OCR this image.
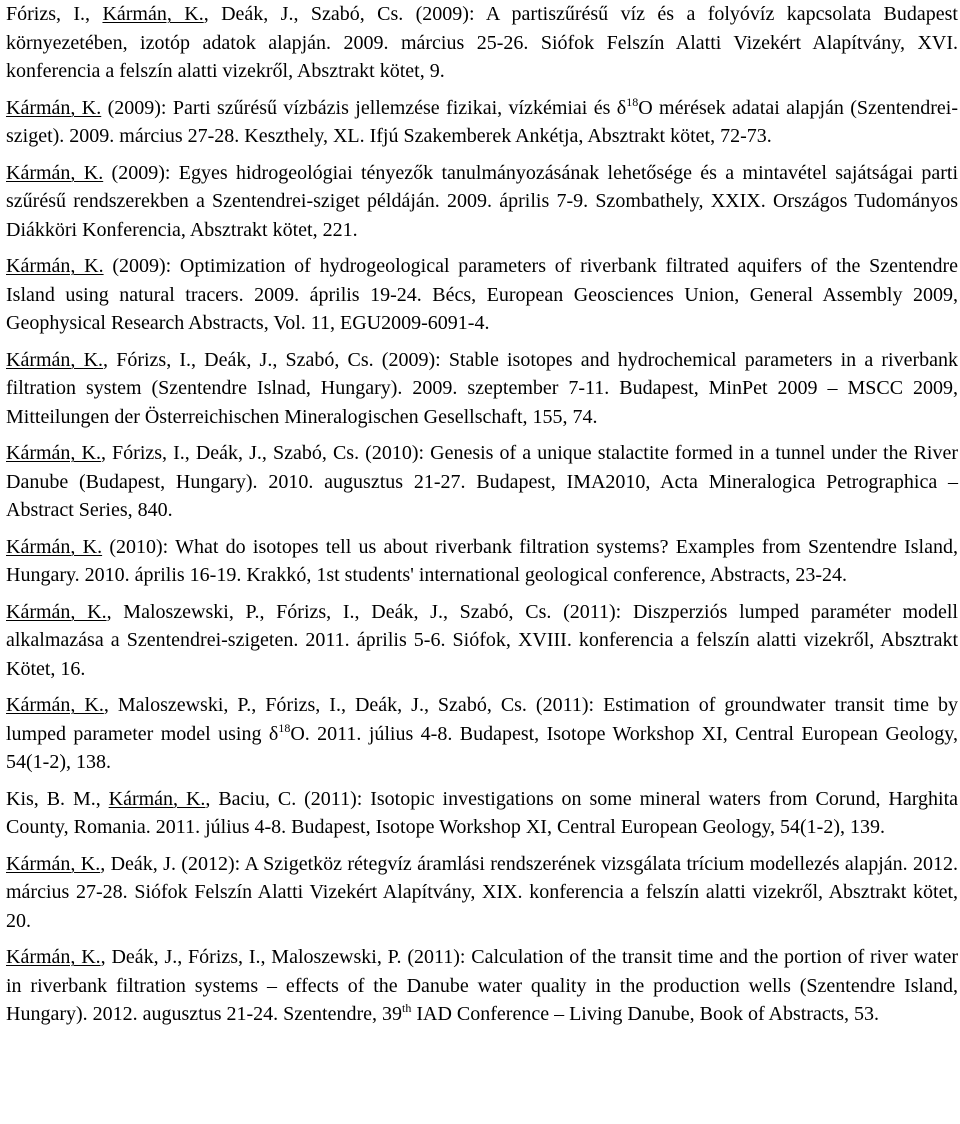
Fórizs, I., Kármán, K., Deák, J., Szabó, Cs. (2009): A partiszűrésű víz és a folyóvíz kapcsolata Budapest környezetében, izotóp adatok alapján. 2009. március 25-26. Siófok Felszín Alatti Vizekért Alapítvány, XVI. konferencia a felszín alatti vizekről, Absztrakt kötet, 9.

Kármán, K. (2009): Parti szűrésű vízbázis jellemzése fizikai, vízkémiai és $\delta^{18}O$ mérések adatai alapján (Szentendrei-sziget). 2009. március 27-28. Keszthely, XL. Ifjú Szakemberek Ankétja, Absztrakt kötet, 72-73.

Kármán, K. (2009): Egyes hidrogeológiai tényezők tanulmányozásának lehetősége és a mintavétel sajátságai parti szűrésű rendszerekben a Szentendrei-sziget példáján. 2009. április 7-9. Szombathely, XXIX. Országos Tudományos Diákköri Konferencia, Absztrakt kötet, 221.

Kármán, K. (2009): Optimization of hydrogeological parameters of riverbank filtrated aquifers of the Szentendre Island using natural tracers. 2009. április 19-24. Bécs, European Geosciences Union, General Assembly 2009, Geophysical Research Abstracts, Vol. 11, EGU2009-6091-4.

Kármán, K., Fórizs, I., Deák, J., Szabó, Cs. (2009): Stable isotopes and hydrochemical parameters in a riverbank filtration system (Szentendre Islnad, Hungary). 2009. szeptember 7-11. Budapest, MinPet 2009 – MSCC 2009, Mitteilungen der Österreichischen Mineralogischen Gesellschaft, 155, 74.

Kármán, K., Fórizs, I., Deák, J., Szabó, Cs. (2010): Genesis of a unique stalactite formed in a tunnel under the River Danube (Budapest, Hungary). 2010. augusztus 21-27. Budapest, IMA2010, Acta Mineralogica Petrographica – Abstract Series, 840.

Kármán, K. (2010): What do isotopes tell us about riverbank filtration systems? Examples from Szentendre Island, Hungary. 2010. április 16-19. Krakkó, 1st students' international geological conference, Abstracts, 23-24.

Kármán, K., Maloszewski, P., Fórizs, I., Deák, J., Szabó, Cs. (2011): Diszperziós lumped paraméter modell alkalmazása a Szentendrei-szigeten. 2011. április 5-6. Siófok, XVIII. konferencia a felszín alatti vizekről, Absztrakt Kötet, 16.

Kármán, K., Maloszewski, P., Fórizs, I., Deák, J., Szabó, Cs. (2011): Estimation of groundwater transit time by lumped parameter model using $\delta^{18}O$. 2011. július 4-8. Budapest, Isotope Workshop XI, Central European Geology, 54(1-2), 138.

Kis, B. M., Kármán, K., Baciu, C. (2011): Isotopic investigations on some mineral waters from Corund, Harghita County, Romania. 2011. július 4-8. Budapest, Isotope Workshop XI, Central European Geology, 54(1-2), 139.

Kármán, K., Deák, J. (2012): A Szigetköz rétegvíz áramlási rendszerének vizsgálata trícium modellezés alapján. 2012. március 27-28. Siófok Felszín Alatti Vizekért Alapítvány, XIX. konferencia a felszín alatti vizekről, Absztrakt kötet, 20.

Kármán, K., Deák, J., Fórizs, I., Maloszewski, P. (2011): Calculation of the transit time and the portion of river water in riverbank filtration systems – effects of the Danube water quality in the production wells (Szentendre Island, Hungary). 2012. augusztus 21-24. Szentendre, 39th IAD Conference – Living Danube, Book of Abstracts, 53.
